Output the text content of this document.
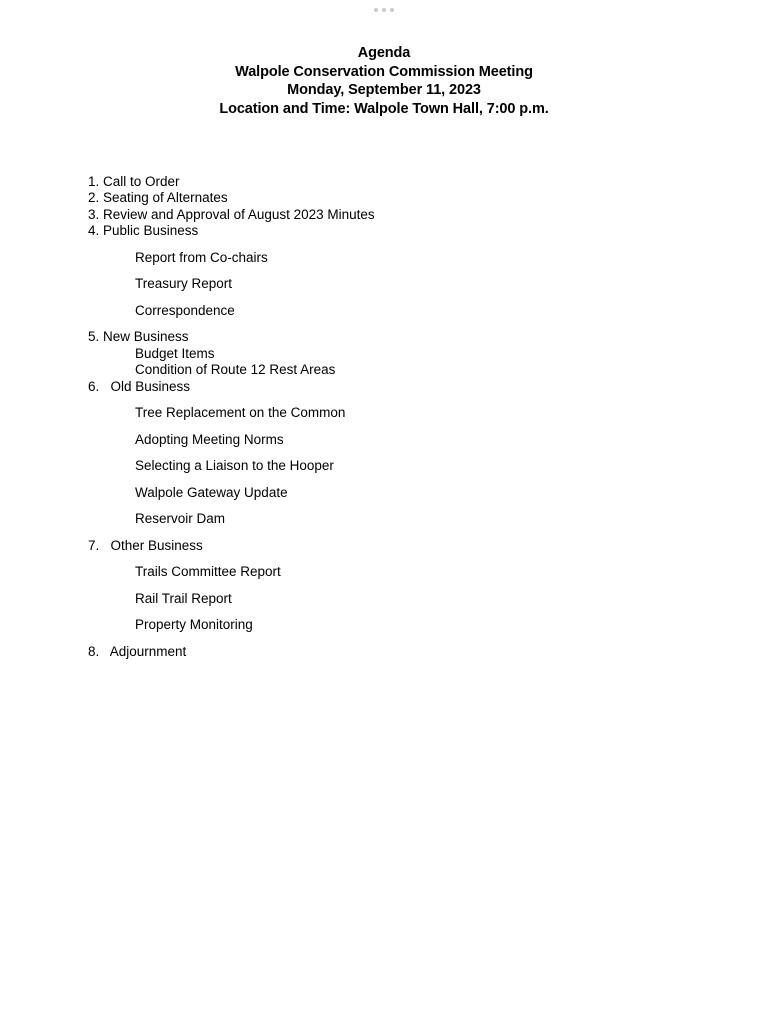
Agenda
Walpole Conservation Commission Meeting
Monday, September 11, 2023
Location and Time: Walpole Town Hall, 7:00 p.m.
1. Call to Order
2. Seating of Alternates
3. Review and Approval of August 2023 Minutes
4. Public Business
Report from Co-chairs
Treasury Report
Correspondence
5. New Business
Budget Items
Condition of Route 12 Rest Areas
6.   Old Business
Tree Replacement on the Common
Adopting Meeting Norms
Selecting a Liaison to the Hooper
Walpole Gateway Update
Reservoir Dam
7.   Other Business
Trails Committee Report
Rail Trail Report
Property Monitoring
8.   Adjournment
